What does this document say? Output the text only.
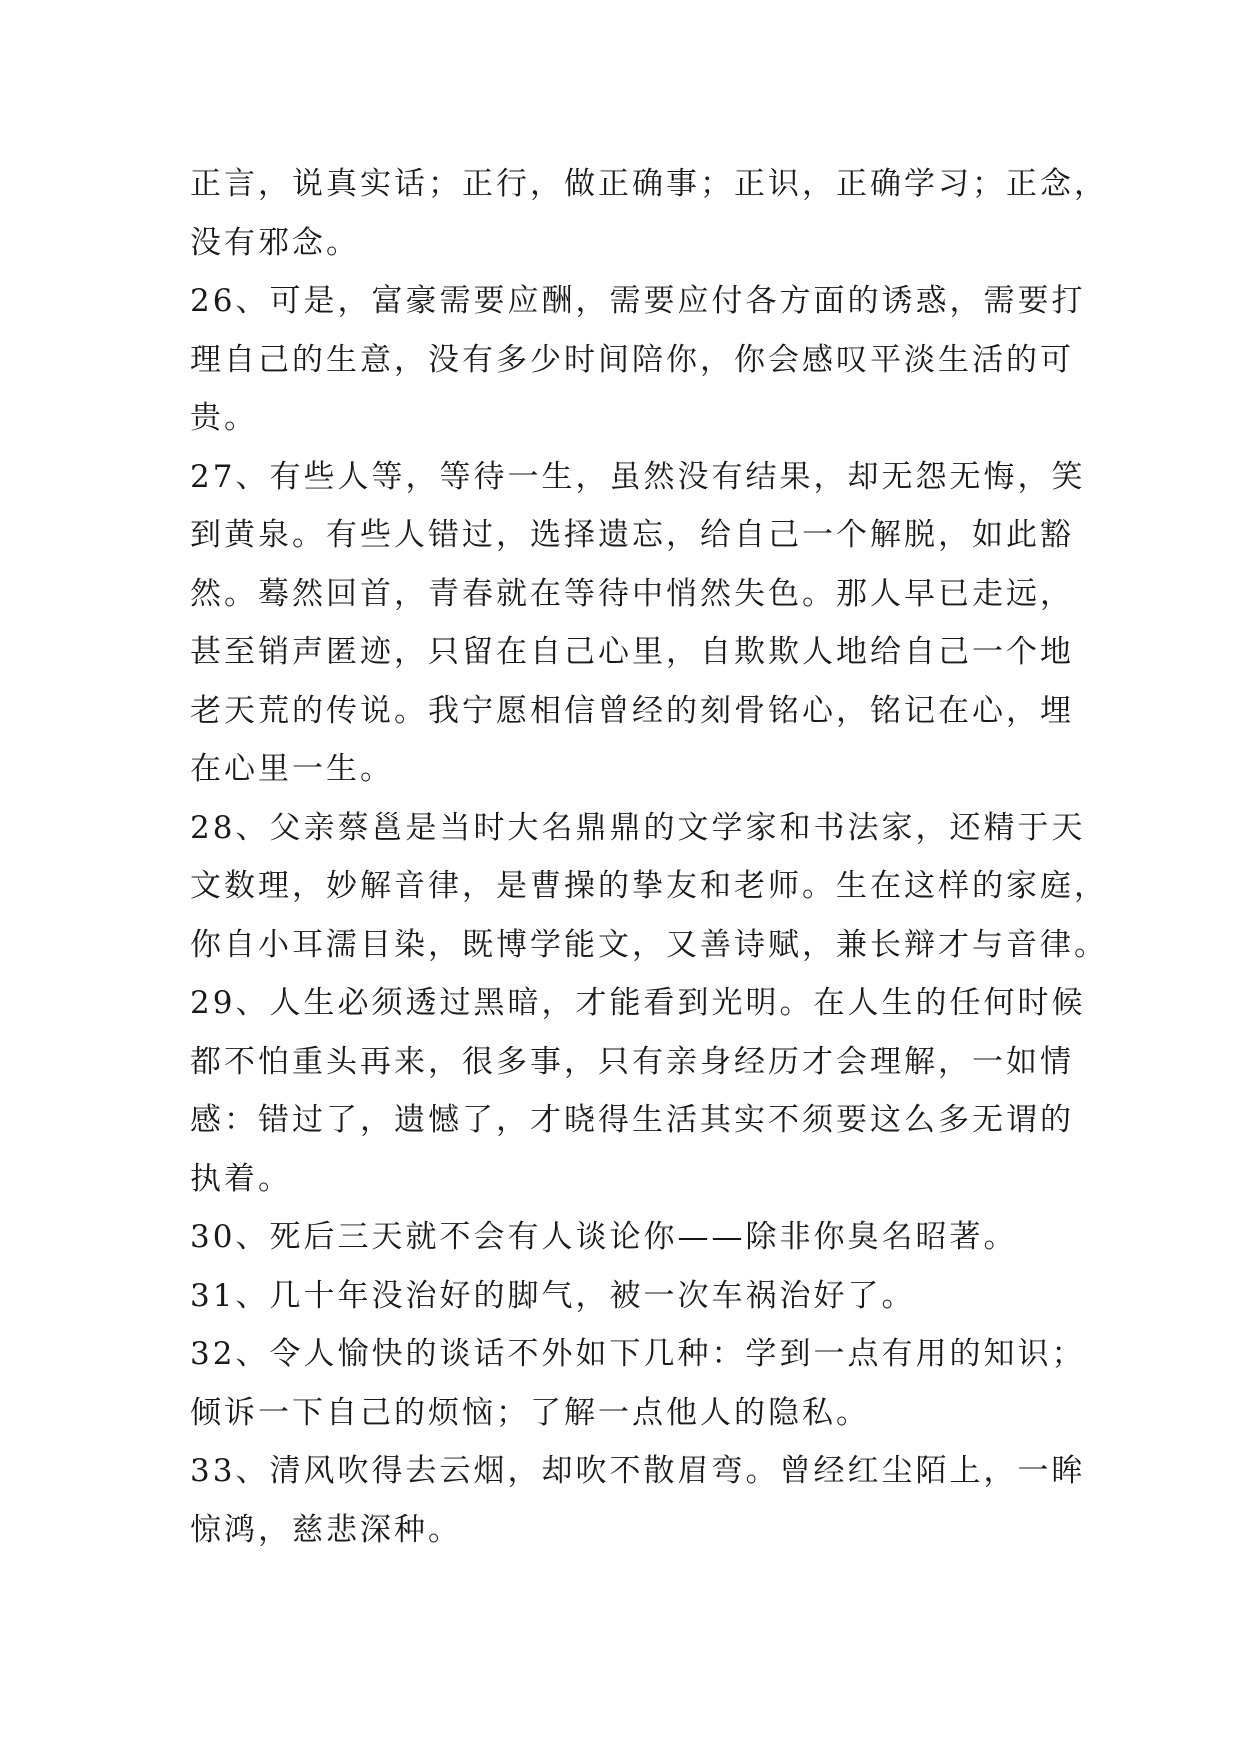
正言，说真实话；正行，做正确事；正识，正确学习；正念，
没有邪念。
26、可是，富豪需要应酬，需要应付各方面的诱惑，需要打
理自己的生意，没有多少时间陪你，你会感叹平淡生活的可
贵。
27、有些人等，等待一生，虽然没有结果，却无怨无悔，笑
到黄泉。有些人错过，选择遗忘，给自己一个解脱，如此豁
然。蓦然回首，青春就在等待中悄然失色。那人早已走远，
甚至销声匿迹，只留在自己心里，自欺欺人地给自己一个地
老天荒的传说。我宁愿相信曾经的刻骨铭心，铭记在心，埋
在心里一生。
28、父亲蔡邕是当时大名鼎鼎的文学家和书法家，还精于天
文数理，妙解音律，是曹操的挚友和老师。生在这样的家庭，
你自小耳濡目染，既博学能文，又善诗赋，兼长辩才与音律。
29、人生必须透过黑暗，才能看到光明。在人生的任何时候
都不怕重头再来，很多事，只有亲身经历才会理解，一如情
感：错过了，遗憾了，才晓得生活其实不须要这么多无谓的
执着。
30、死后三天就不会有人谈论你——除非你臭名昭著。
31、几十年没治好的脚气，被一次车祸治好了。
32、令人愉快的谈话不外如下几种：学到一点有用的知识；
倾诉一下自己的烦恼；了解一点他人的隐私。
33、清风吹得去云烟，却吹不散眉弯。曾经红尘陌上，一眸
惊鸿，慈悲深种。
